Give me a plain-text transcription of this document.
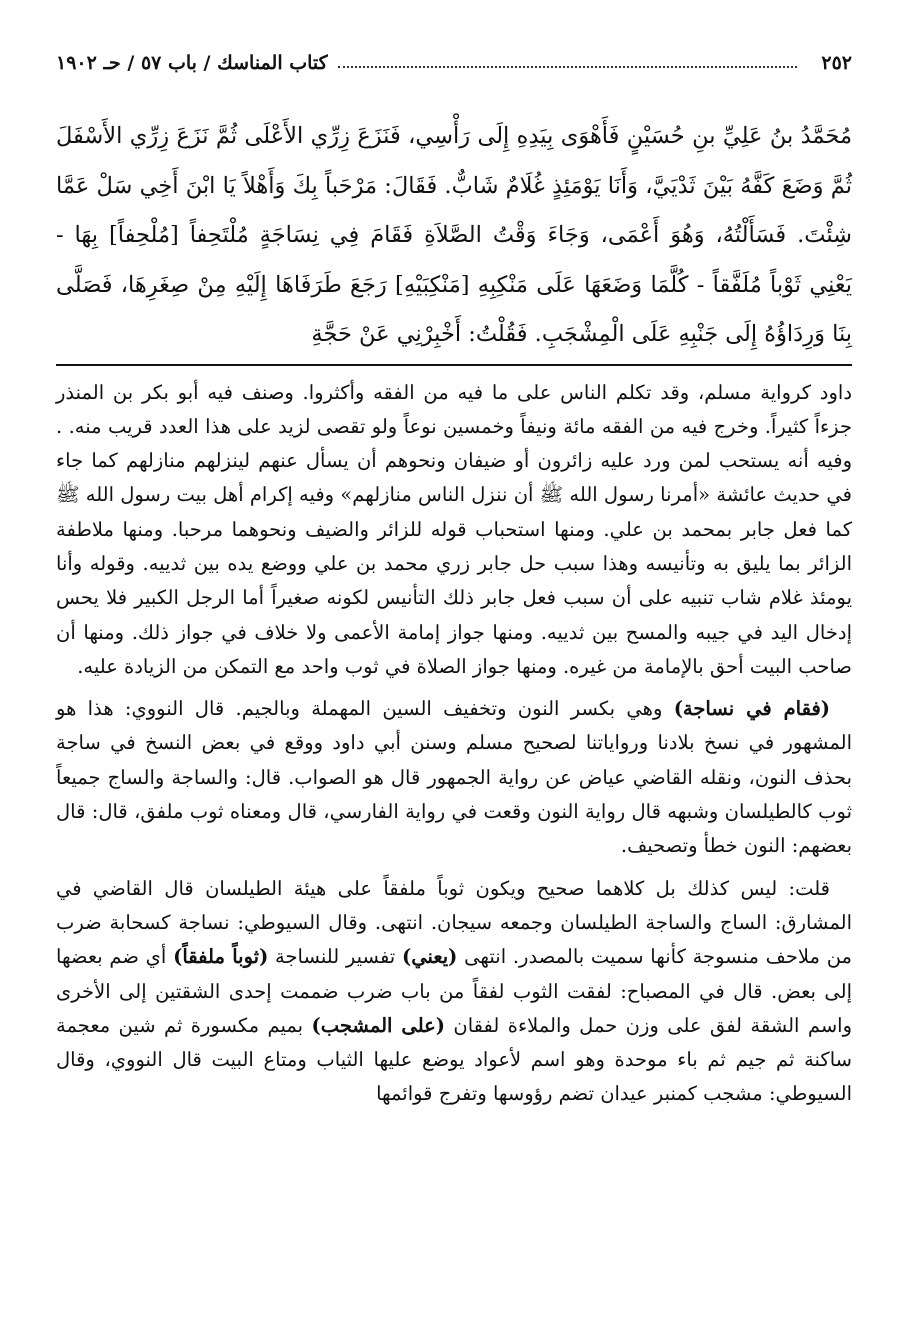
٢٥٢
كتاب المناسك / باب ٥٧ / حـ ١٩٠٢
مُحَمَّدُ بنُ عَلِيِّ بنِ حُسَيْنٍ فَأَهْوَى بِيَدِهِ إِلَى رَأْسِي، فَنَزَعَ زِرِّي الأَعْلَى ثُمَّ نَزَعَ زِرِّي الأَسْفَلَ ثُمَّ وَضَعَ كَفَّهُ بَيْنَ ثَدْيَيَّ، وَأَنَا يَوْمَئِذٍ غُلَامٌ شَابٌّ. فَقَالَ: مَرْحَباً بِكَ وَأَهْلاً يَا ابْنَ أَخِي سَلْ عَمَّا شِئْتَ. فَسَأَلْتُهُ، وَهُوَ أَعْمَى، وَجَاءَ وَقْتُ الصَّلاَةِ فَقَامَ فِي نِسَاجَةٍ مُلْتَحِفاً [مُلْحِفاً] بِهَا - يَعْنِي ثَوْباً مُلَفَّقاً - كُلَّمَا وَضَعَهَا عَلَى مَنْكِبِهِ [مَنْكِبَيْهِ] رَجَعَ طَرَفَاهَا إِلَيْهِ مِنْ صِغَرِهَا، فَصَلَّى بِنَا وَرِدَاؤُهُ إِلَى جَنْبِهِ عَلَى الْمِشْجَبِ. فَقُلْتُ: أَخْبِرْنِي عَنْ حَجَّةِ

داود كرواية مسلم، وقد تكلم الناس على ما فيه من الفقه وأكثروا. وصنف فيه أبو بكر بن المنذر جزءاً كثيراً. وخرج فيه من الفقه مائة ونيفاً وخمسين نوعاً ولو تقصى لزيد على هذا العدد قريب منه. . وفيه أنه يستحب لمن ورد عليه زائرون أو ضيفان ونحوهم أن يسأل عنهم لينزلهم منازلهم كما جاء في حديث عائشة «أمرنا رسول الله ﷺ أن ننزل الناس منازلهم» وفيه إكرام أهل بيت رسول الله ﷺ كما فعل جابر بمحمد بن علي. ومنها استحباب قوله للزائر والضيف ونحوهما مرحبا. ومنها ملاطفة الزائر بما يليق به وتأنيسه وهذا سبب حل جابر زري محمد بن علي ووضع يده بين ثدييه. وقوله وأنا يومئذ غلام شاب تنبيه على أن سبب فعل جابر ذلك التأنيس لكونه صغيراً أما الرجل الكبير فلا يحس إدخال اليد في جيبه والمسح بين ثدييه. ومنها جواز إمامة الأعمى ولا خلاف في جواز ذلك. ومنها أن صاحب البيت أحق بالإمامة من غيره. ومنها جواز الصلاة في ثوب واحد مع التمكن من الزيادة عليه.

(فقام في نساجة) وهي بكسر النون وتخفيف السين المهملة وبالجيم. قال النووي: هذا هو المشهور في نسخ بلادنا ورواياتنا لصحيح مسلم وسنن أبي داود ووقع في بعض النسخ في ساجة بحذف النون، ونقله القاضي عياض عن رواية الجمهور قال هو الصواب. قال: والساجة والساج جميعاً ثوب كالطيلسان وشبهه قال رواية النون وقعت في رواية الفارسي، قال ومعناه ثوب ملفق، قال: قال بعضهم: النون خطأ وتصحيف.

قلت: ليس كذلك بل كلاهما صحيح ويكون ثوباً ملفقاً على هيئة الطيلسان قال القاضي في المشارق: الساج والساجة الطيلسان وجمعه سيجان. انتهى. وقال السيوطي: نساجة كسحابة ضرب من ملاحف منسوجة كأنها سميت بالمصدر. انتهى (يعني) تفسير للنساجة (ثوباً ملفقاً) أي ضم بعضها إلى بعض. قال في المصباح: لفقت الثوب لفقاً من باب ضرب ضممت إحدى الشقتين إلى الأخرى واسم الشقة لفق على وزن حمل والملاءة لفقان (على المشجب) بميم مكسورة ثم شين معجمة ساكنة ثم جيم ثم باء موحدة وهو اسم لأعواد يوضع عليها الثياب ومتاع البيت قال النووي، وقال السيوطي: مشجب كمنبر عيدان تضم رؤوسها وتفرج قوائمها
